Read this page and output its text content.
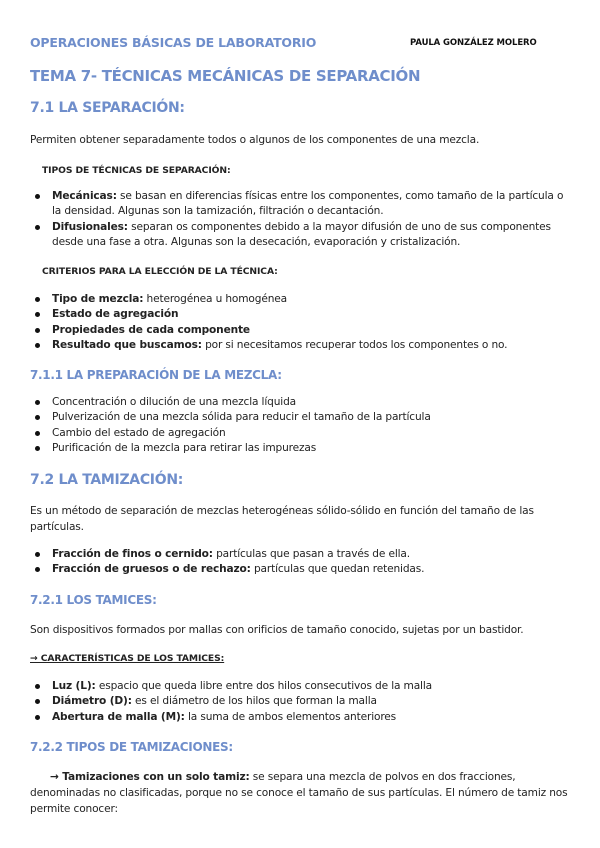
OPERACIONES BÁSICAS DE LABORATORIO	PAULA GONZÁLEZ MOLERO
TEMA 7- TÉCNICAS MECÁNICAS DE SEPARACIÓN
7.1 LA SEPARACIÓN:
Permiten obtener separadamente todos o algunos de los componentes de una mezcla.
TIPOS DE TÉCNICAS DE SEPARACIÓN:
Mecánicas: se basan en diferencias físicas entre los componentes, como tamaño de la partícula o la densidad. Algunas son la tamización, filtración o decantación.
Difusionales: separan os componentes debido a la mayor difusión de uno de sus componentes desde una fase a otra. Algunas son la desecación, evaporación y cristalización.
CRITERIOS PARA LA ELECCIÓN DE LA TÉCNICA:
Tipo de mezcla: heterogénea u homogénea
Estado de agregación
Propiedades de cada componente
Resultado que buscamos: por si necesitamos recuperar todos los componentes o no.
7.1.1 LA PREPARACIÓN DE LA MEZCLA:
Concentración o dilución de una mezcla líquida
Pulverización de una mezcla sólida para reducir el tamaño de la partícula
Cambio del estado de agregación
Purificación de la mezcla para retirar las impurezas
7.2 LA TAMIZACIÓN:
Es un método de separación de mezclas heterogéneas sólido-sólido en función del tamaño de las partículas.
Fracción de finos o cernido: partículas que pasan a través de ella.
Fracción de gruesos o de rechazo: partículas que quedan retenidas.
7.2.1 LOS TAMICES:
Son dispositivos formados por mallas con orificios de tamaño conocido, sujetas por un bastidor.
→ CARACTERÍSTICAS DE LOS TAMICES:
Luz (L): espacio que queda libre entre dos hilos consecutivos de la malla
Diámetro (D): es el diámetro de los hilos que forman la malla
Abertura de malla (M): la suma de ambos elementos anteriores
7.2.2 TIPOS DE TAMIZACIONES:
→ Tamizaciones con un solo tamiz: se separa una mezcla de polvos en dos fracciones, denominadas no clasificadas, porque no se conoce el tamaño de sus partículas. El número de tamiz nos permite conocer:
